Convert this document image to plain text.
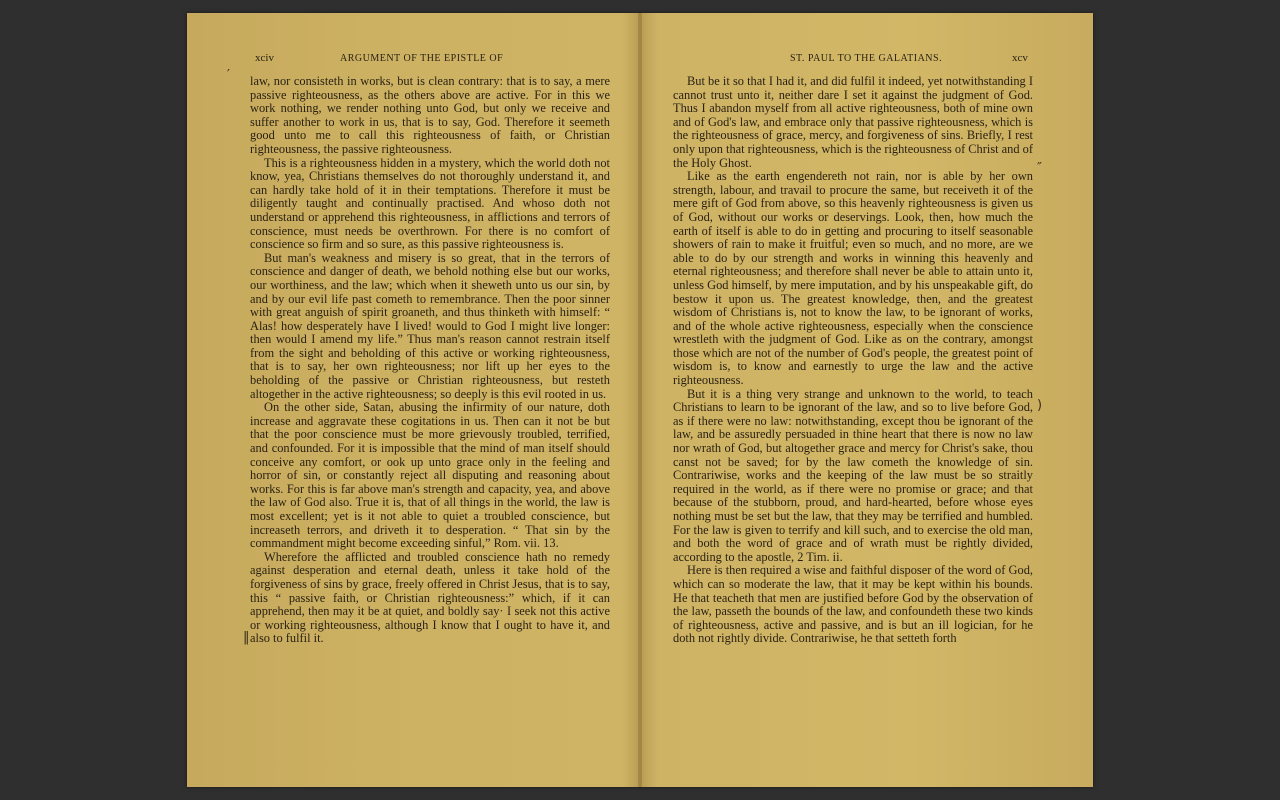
xciv	ARGUMENT OF THE EPISTLE OF
′
‖

law, nor consisteth in works, but is clean contrary: that is to say, a mere passive righteousness, as the others above are active. For in this we work nothing, we render nothing unto God, but only we receive and suffer another to work in us, that is to say, God. Therefore it seemeth good unto me to call this righteousness of faith, or Christian righteousness, the passive righteousness.

This is a righteousness hidden in a mystery, which the world doth not know, yea, Christians themselves do not thoroughly understand it, and can hardly take hold of it in their temptations. Therefore it must be diligently taught and continually practised. And whoso doth not understand or apprehend this righteousness, in afflictions and terrors of conscience, must needs be overthrown. For there is no comfort of conscience so firm and so sure, as this passive righteousness is.

But man's weakness and misery is so great, that in the terrors of conscience and danger of death, we behold nothing else but our works, our worthiness, and the law; which when it sheweth unto us our sin, by and by our evil life past cometh to remembrance. Then the poor sinner with great anguish of spirit groaneth, and thus thinketh with himself: “ Alas! how desperately have I lived! would to God I might live longer: then would I amend my life.” Thus man's reason cannot restrain itself from the sight and beholding of this active or working righteousness, that is to say, her own righteousness; nor lift up her eyes to the beholding of the passive or Christian righteousness, but resteth altogether in the active righteousness; so deeply is this evil rooted in us.

On the other side, Satan, abusing the infirmity of our nature, doth increase and aggravate these cogitations in us. Then can it not be but that the poor conscience must be more grievously troubled, terrified, and confounded. For it is impossible that the mind of man itself should conceive any comfort, or ook up unto grace only in the feeling and horror of sin, or constantly reject all disputing and reasoning about works. For this is far above man's strength and capacity, yea, and above the law of God also. True it is, that of all things in the world, the law is most excellent; yet is it not able to quiet a troubled conscience, but increaseth terrors, and driveth it to desperation. “ That sin by the commandment might become exceeding sinful,” Rom. vii. 13.

Wherefore the afflicted and troubled conscience hath no remedy against desperation and eternal death, unless it take hold of the forgiveness of sins by grace, freely offered in Christ Jesus, that is to say, this “ passive faith, or Christian righteousness:” which, if it can apprehend, then may it be at quiet, and boldly say· I seek not this active or working righteousness, although I know that I ought to have it, and also to fulfil it.

ST. PAUL TO THE GALATIANS.	xcv
″
)

But be it so that I had it, and did fulfil it indeed, yet notwithstanding I cannot trust unto it, neither dare I set it against the judgment of God. Thus I abandon myself from all active righteousness, both of mine own and of God's law, and embrace only that passive righteousness, which is the righteousness of grace, mercy, and forgiveness of sins. Briefly, I rest only upon that righteousness, which is the righteousness of Christ and of the Holy Ghost.

Like as the earth engendereth not rain, nor is able by her own strength, labour, and travail to procure the same, but receiveth it of the mere gift of God from above, so this heavenly righteousness is given us of God, without our works or deservings. Look, then, how much the earth of itself is able to do in getting and procuring to itself seasonable showers of rain to make it fruitful; even so much, and no more, are we able to do by our strength and works in winning this heavenly and eternal righteousness; and therefore shall never be able to attain unto it, unless God himself, by mere imputation, and by his unspeakable gift, do bestow it upon us. The greatest knowledge, then, and the greatest wisdom of Christians is, not to know the law, to be ignorant of works, and of the whole active righteousness, especially when the conscience wrestleth with the judgment of God. Like as on the contrary, amongst those which are not of the number of God's people, the greatest point of wisdom is, to know and earnestly to urge the law and the active righteousness.

But it is a thing very strange and unknown to the world, to teach Christians to learn to be ignorant of the law, and so to live before God, as if there were no law: notwithstanding, except thou be ignorant of the law, and be assuredly persuaded in thine heart that there is now no law nor wrath of God, but altogether grace and mercy for Christ's sake, thou canst not be saved; for by the law cometh the knowledge of sin. Contrariwise, works and the keeping of the law must be so straitly required in the world, as if there were no promise or grace; and that because of the stubborn, proud, and hard-hearted, before whose eyes nothing must be set but the law, that they may be terrified and humbled. For the law is given to terrify and kill such, and to exercise the old man, and both the word of grace and of wrath must be rightly divided, according to the apostle, 2 Tim. ii.

Here is then required a wise and faithful disposer of the word of God, which can so moderate the law, that it may be kept within his bounds. He that teacheth that men are justified before God by the observation of the law, passeth the bounds of the law, and confoundeth these two kinds of righteousness, active and passive, and is but an ill logician, for he doth not rightly divide. Contrariwise, he that setteth forth
